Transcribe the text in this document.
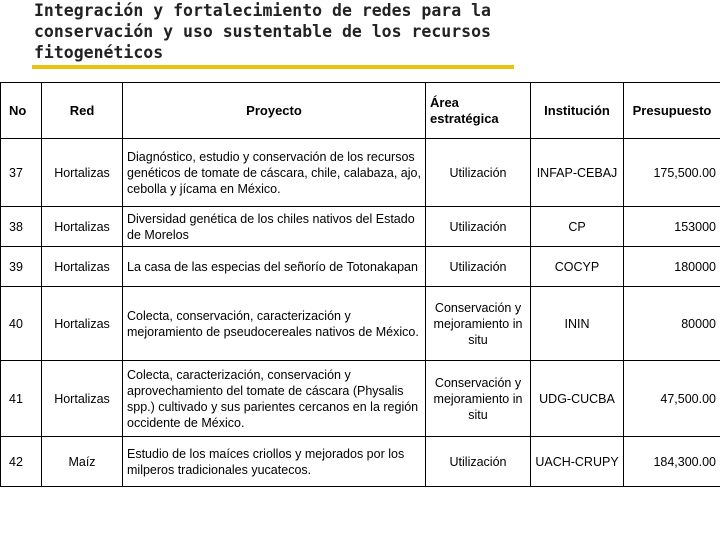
Integración y fortalecimiento de redes para la conservación y uso sustentable de los recursos fitogenéticos
No	Red	Proyecto	Área estratégica	Institución	Presupuesto
37	Hortalizas	Diagnóstico, estudio y conservación de los recursos genéticos de tomate de cáscara, chile, calabaza, ajo, cebolla y jícama en México.	Utilización	INFAP-CEBAJ	175,500.00
38	Hortalizas	Diversidad genética de los chiles nativos del Estado de Morelos	Utilización	CP	153000
39	Hortalizas	La casa de las especias del señorío de Totonakapan	Utilización	COCYP	180000
40	Hortalizas	Colecta, conservación, caracterización y mejoramiento de pseudocereales nativos de México.	Conservación y mejoramiento in situ	ININ	80000
41	Hortalizas	Colecta, caracterización, conservación y aprovechamiento del tomate de cáscara (Physalis spp.) cultivado y sus parientes cercanos en la región occidente de México.	Conservación y mejoramiento in situ	UDG-CUCBA	47,500.00
42	Maíz	Estudio de los maíces criollos y mejorados por los milperos tradicionales yucatecos.	Utilización	UACH-CRUPY	184,300.00
